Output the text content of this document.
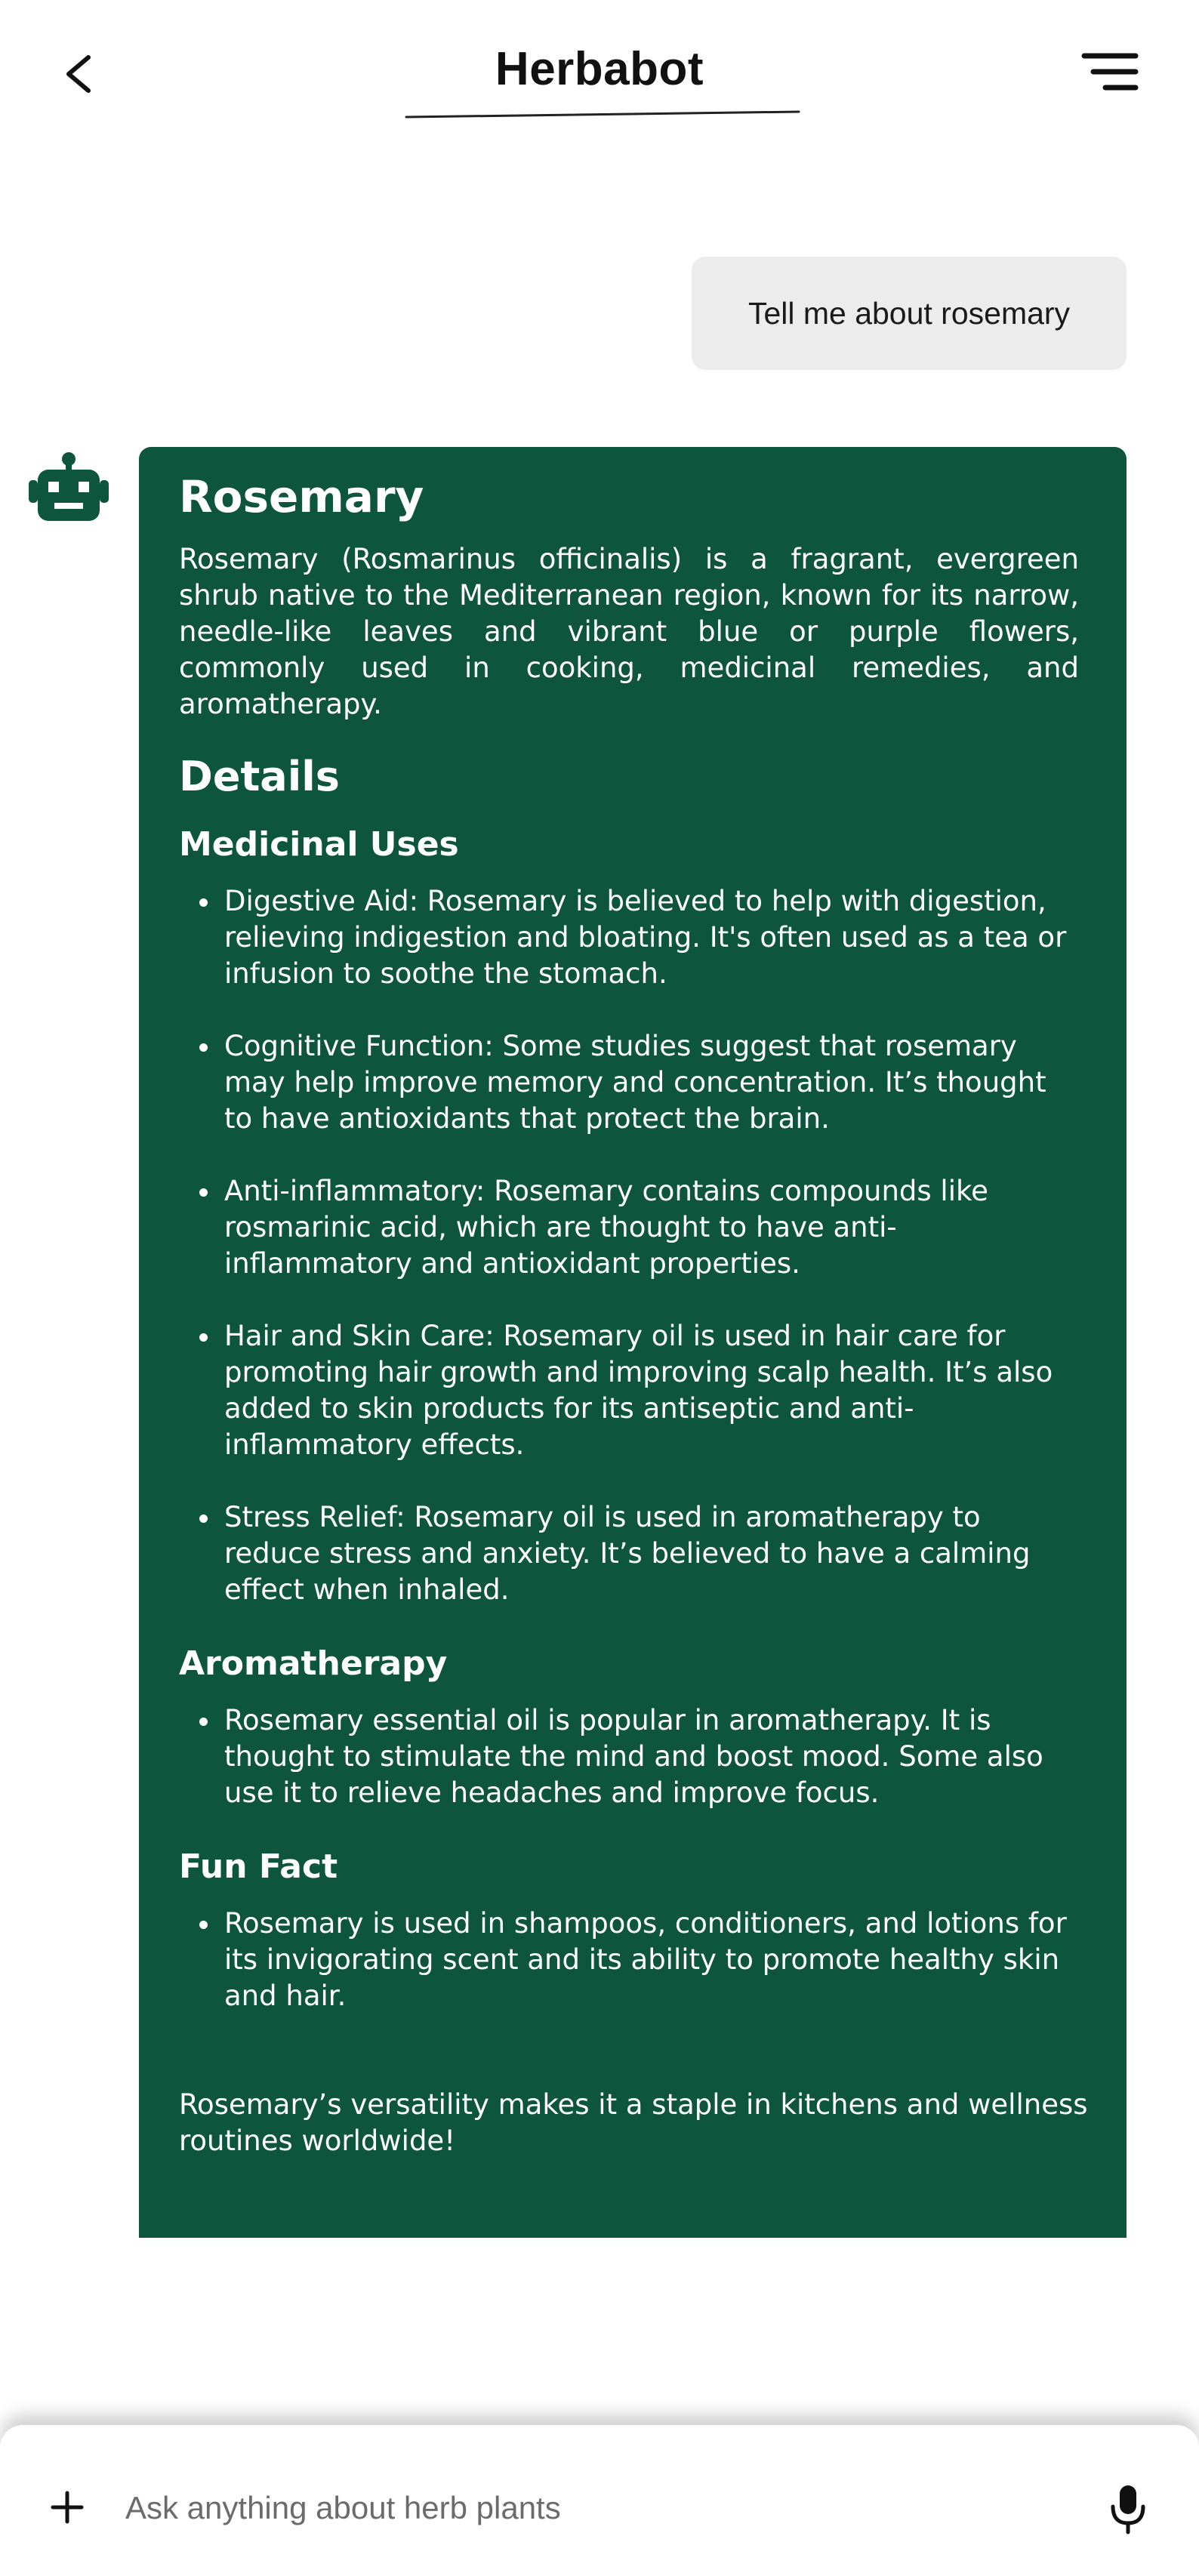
Herbabot
Tell me about rosemary
Rosemary

Rosemary (Rosmarinus officinalis) is a fragrant, evergreen shrub native to the Mediterranean region, known for its narrow, needle-like leaves and vibrant blue or purple flowers, commonly used in cooking, medicinal remedies, and aromatherapy.

Details
Medicinal Uses
Digestive Aid: Rosemary is believed to help with digestion, relieving indigestion and bloating. It's often used as a tea or infusion to soothe the stomach.
Cognitive Function: Some studies suggest that rosemary may help improve memory and concentration. It’s thought to have antioxidants that protect the brain.
Anti-inflammatory: Rosemary contains compounds like rosmarinic acid, which are thought to have anti-inflammatory and antioxidant properties.
Hair and Skin Care: Rosemary oil is used in hair care for promoting hair growth and improving scalp health. It’s also added to skin products for its antiseptic and anti-inflammatory effects.
Stress Relief: Rosemary oil is used in aromatherapy to reduce stress and anxiety. It’s believed to have a calming effect when inhaled.
Aromatherapy
Rosemary essential oil is popular in aromatherapy. It is thought to stimulate the mind and boost mood. Some also use it to relieve headaches and improve focus.
Fun Fact
Rosemary is used in shampoos, conditioners, and lotions for its invigorating scent and its ability to promote healthy skin and hair.

Rosemary’s versatility makes it a staple in kitchens and wellness routines worldwide!

Ask anything about herb plants
